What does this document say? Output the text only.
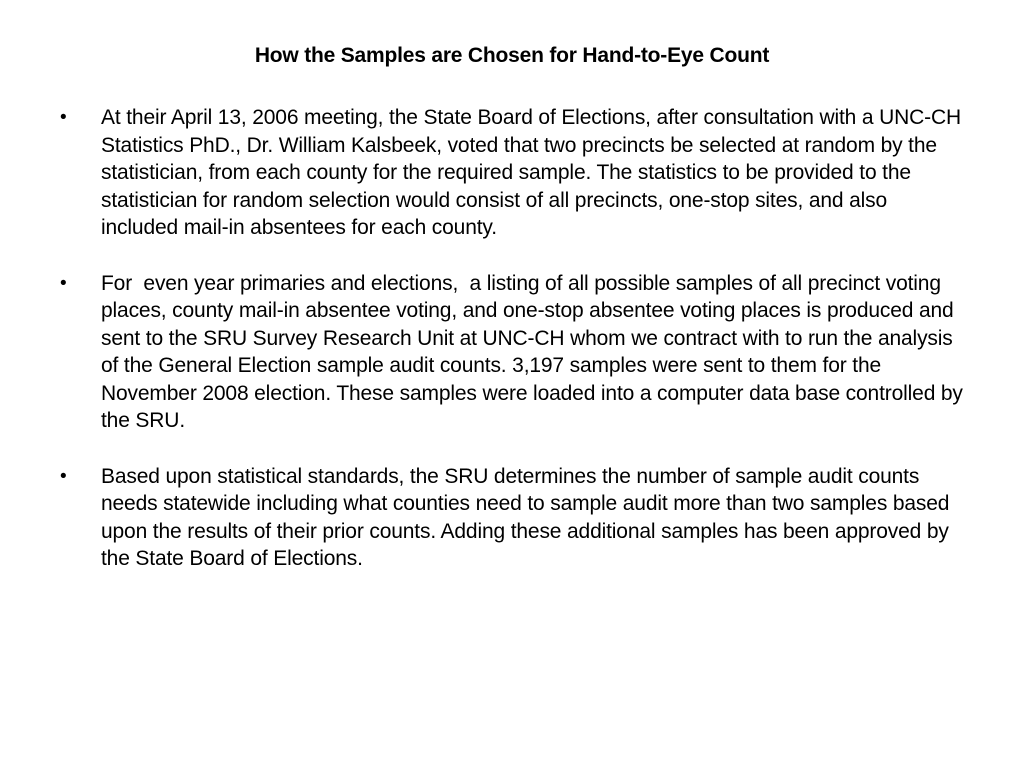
How the Samples are Chosen for Hand-to-Eye Count
• At their April 13, 2006 meeting, the State Board of Elections, after consultation with a UNC-CH Statistics PhD., Dr. William Kalsbeek, voted that two precincts be selected at random by the statistician, from each county for the required sample. The statistics to be provided to the statistician for random selection would consist of all precincts, one-stop sites, and also included mail-in absentees for each county.
• For  even year primaries and elections,  a listing of all possible samples of all precinct voting places, county mail-in absentee voting, and one-stop absentee voting places is produced and sent to the SRU Survey Research Unit at UNC-CH whom we contract with to run the analysis of the General Election sample audit counts. 3,197 samples were sent to them for the November 2008 election. These samples were loaded into a computer data base controlled by the SRU.
• Based upon statistical standards, the SRU determines the number of sample audit counts needs statewide including what counties need to sample audit more than two samples based upon the results of their prior counts. Adding these additional samples has been approved by the State Board of Elections.
